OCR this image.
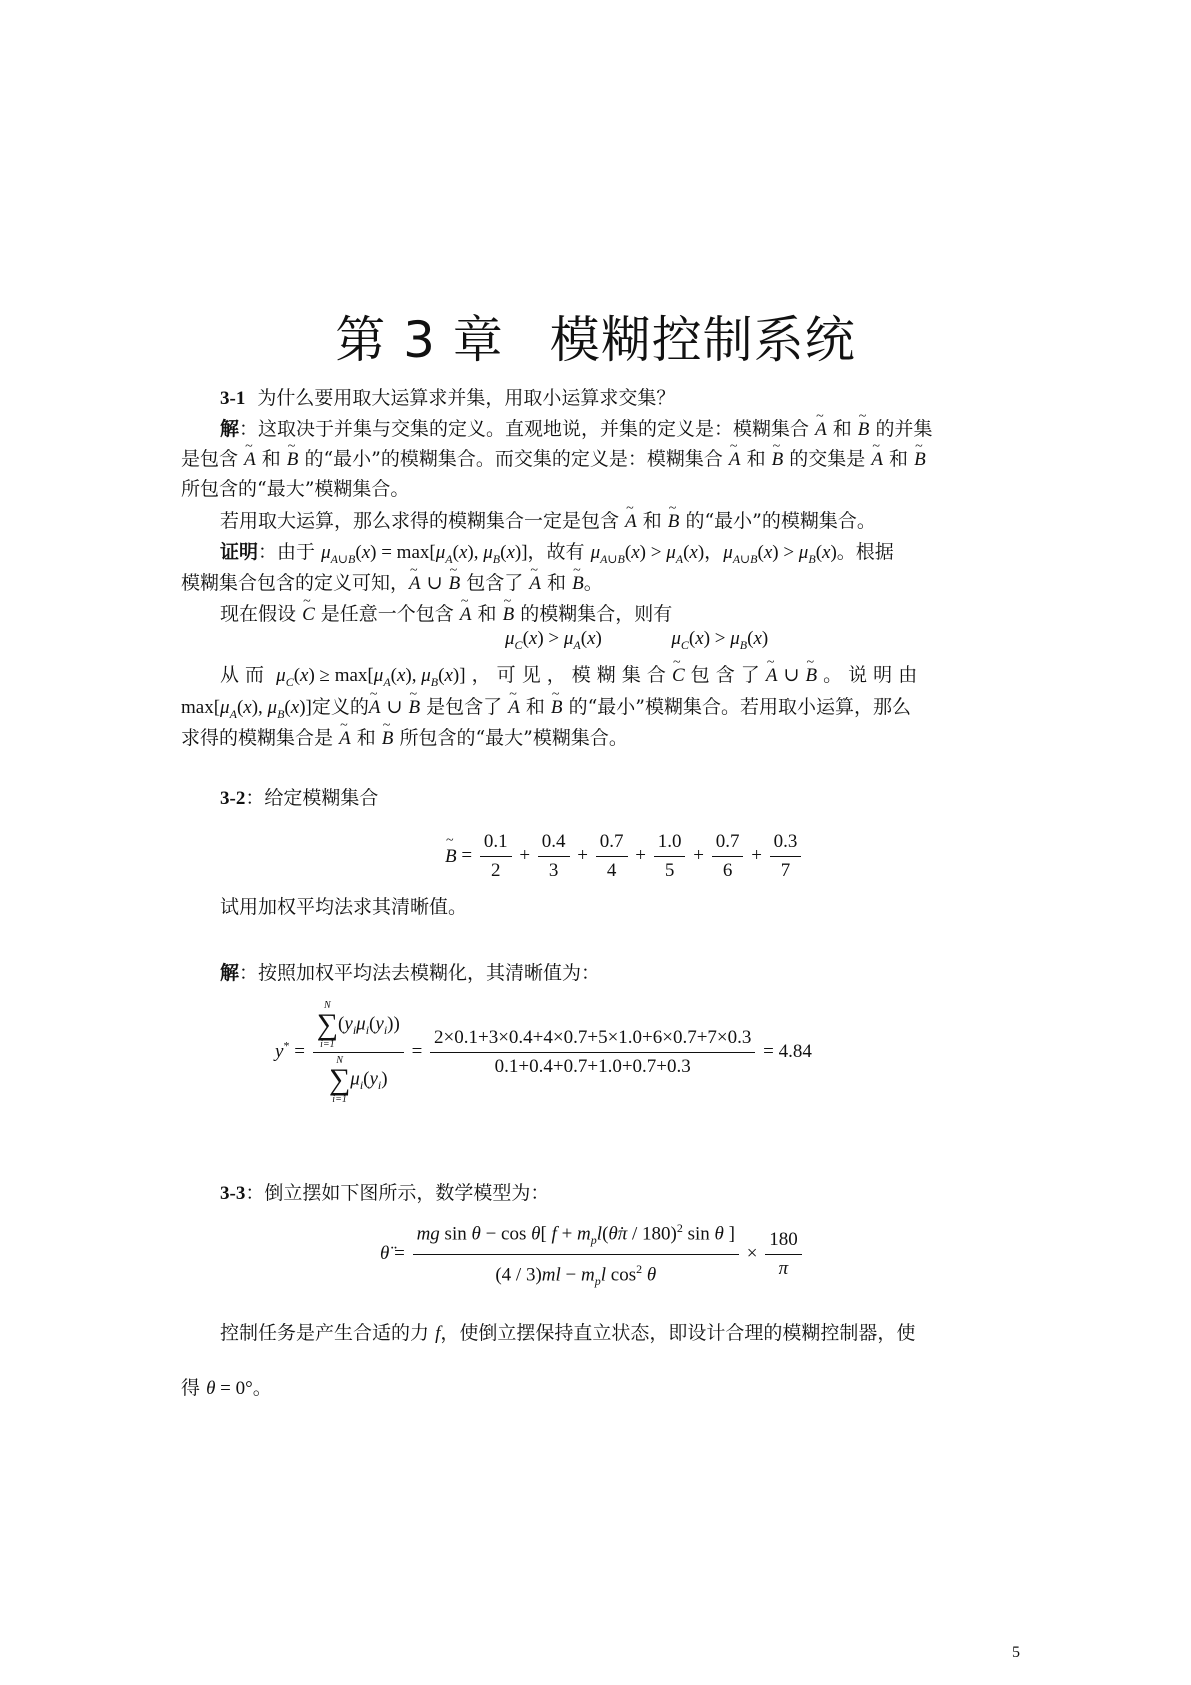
第 3 章 模糊控制系统
3-1 为什么要用取大运算求并集，用取小运算求交集？
解：这取决于并集与交集的定义。直观地说，并集的定义是：模糊集合 ~ A 和 ~ B 的并集
是包含 ~ A 和 ~ B 的“最小”的模糊集合。而交集的定义是：模糊集合 ~ A 和 ~ B 的交集是 ~ A 和 ~ B
所包含的“最大”模糊集合。
若用取大运算，那么求得的模糊集合一定是包含 ~ A 和 ~ B 的“最小”的模糊集合。
证明：由于 $\mu_{A\cup B}(x) = \max[\mu_A(x)$, $\mu_B(x)$]，故有 $\mu_{A\cup B}(x) > \mu_A(x)$，$\mu_{A\cup B}(x) > \mu_B(x)$。根据
模糊集合包含的定义可知，~ A ∪ ~ B 包含了 ~ A 和 ~ B。
现在假设 ~ C 是任意一个包含 ~ A 和 ~ B 的模糊集合，则有
$\mu_C(x) > \mu_A(x)$	$\mu_C(x) > \mu_B(x)$
从 而 $\mu_C(x) \ge \max[\mu_A(x)$, $\mu_B(x)$] ， 可 见 ， 模 糊 集 合 ~ C 包 含 了 ~ A ∪ ~ B 。 说 明 由
$\max[\mu_A(x)$, $\mu_B(x)$]定义的~ A ∪ ~ B 是包含了 ~ A 和 ~ B 的“最小”模糊集合。若用取小运算，那么
求得的模糊集合是 ~ A 和 ~ B 所包含的“最大”模糊集合。
3-2：给定模糊集合
~ $B = \frac{0.1}{2} + \frac{0.4}{3} + \frac{0.7}{4} + \frac{1.0}{5} + \frac{0.7}{6} + \frac{0.3}{7}$
试用加权平均法求其清晰值。
解：按照加权平均法去模糊化，其清晰值为：
y* = N
∑
i=1
$(y_i\mu_i(y_i))$
N
∑
i=1
$\mu_i(y_i) = \frac{2\times 0.1+3\times 0.4+4\times 0.7+5\times 1.0+6\times 0.7+7\times 0.3}{0.1+0.4+0.7+1.0+0.7+0.3} = 4.84$
3-3：倒立摆如下图所示，数学模型为：
θ̈ = $\frac{mg \sin \theta - \cos \theta[ f + m_pl(\thetȧ\pi / 180)^2 \sin \theta ]}{(4 / 3)ml - m_pl \cos^2 \theta} \times \frac{180}{\pi}$
控制任务是产生合适的力 f，使倒立摆保持直立状态，即设计合理的模糊控制器，使
得 θ = 0°。
5
